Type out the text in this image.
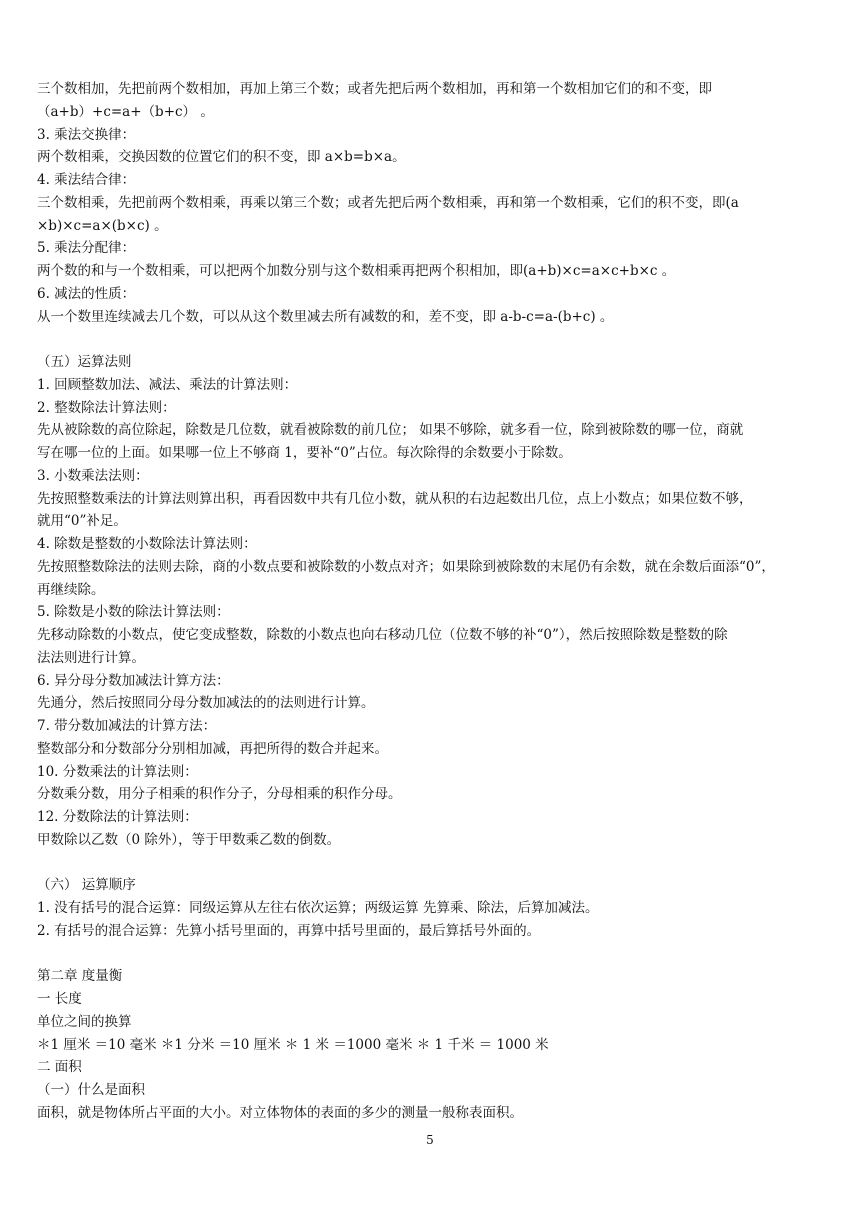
三个数相加，先把前两个数相加，再加上第三个数；或者先把后两个数相加，再和第一个数相加它们的和不变，即
（a+b）+c=a+（b+c） 。
3. 乘法交换律：
两个数相乘，交换因数的位置它们的积不变，即 a×b=b×a。
4. 乘法结合律：
三个数相乘，先把前两个数相乘，再乘以第三个数；或者先把后两个数相乘，再和第一个数相乘，它们的积不变，即(a
×b)×c=a×(b×c) 。
5. 乘法分配律：
两个数的和与一个数相乘，可以把两个加数分别与这个数相乘再把两个积相加，即(a+b)×c=a×c+b×c 。
6. 减法的性质：
从一个数里连续减去几个数，可以从这个数里减去所有减数的和，差不变，即 a-b-c=a-(b+c) 。
（五）运算法则
1. 回顾整数加法、减法、乘法的计算法则：
2. 整数除法计算法则：
先从被除数的高位除起，除数是几位数，就看被除数的前几位； 如果不够除，就多看一位，除到被除数的哪一位，商就
写在哪一位的上面。如果哪一位上不够商 1，要补“0”占位。每次除得的余数要小于除数。
3. 小数乘法法则：
先按照整数乘法的计算法则算出积，再看因数中共有几位小数，就从积的右边起数出几位，点上小数点；如果位数不够，
就用“0”补足。
4. 除数是整数的小数除法计算法则：
先按照整数除法的法则去除，商的小数点要和被除数的小数点对齐；如果除到被除数的末尾仍有余数，就在余数后面添“0”，
再继续除。
5. 除数是小数的除法计算法则：
先移动除数的小数点，使它变成整数，除数的小数点也向右移动几位（位数不够的补“0”），然后按照除数是整数的除
法法则进行计算。
6. 异分母分数加减法计算方法：
先通分，然后按照同分母分数加减法的的法则进行计算。
7. 带分数加减法的计算方法：
整数部分和分数部分分别相加减，再把所得的数合并起来。
10. 分数乘法的计算法则：
分数乘分数，用分子相乘的积作分子，分母相乘的积作分母。
12. 分数除法的计算法则：
甲数除以乙数（0 除外），等于甲数乘乙数的倒数。
（六） 运算顺序
1. 没有括号的混合运算：同级运算从左往右依次运算；两级运算 先算乘、除法，后算加减法。
2. 有括号的混合运算：先算小括号里面的，再算中括号里面的，最后算括号外面的。
第二章 度量衡
一 长度
单位之间的换算
＊1 厘米 ＝10 毫米 ＊1 分米 ＝10 厘米 ＊ 1 米 ＝1000 毫米 ＊ 1 千米 ＝ 1000 米
二 面积
（一）什么是面积
面积，就是物体所占平面的大小。对立体物体的表面的多少的测量一般称表面积。
5
